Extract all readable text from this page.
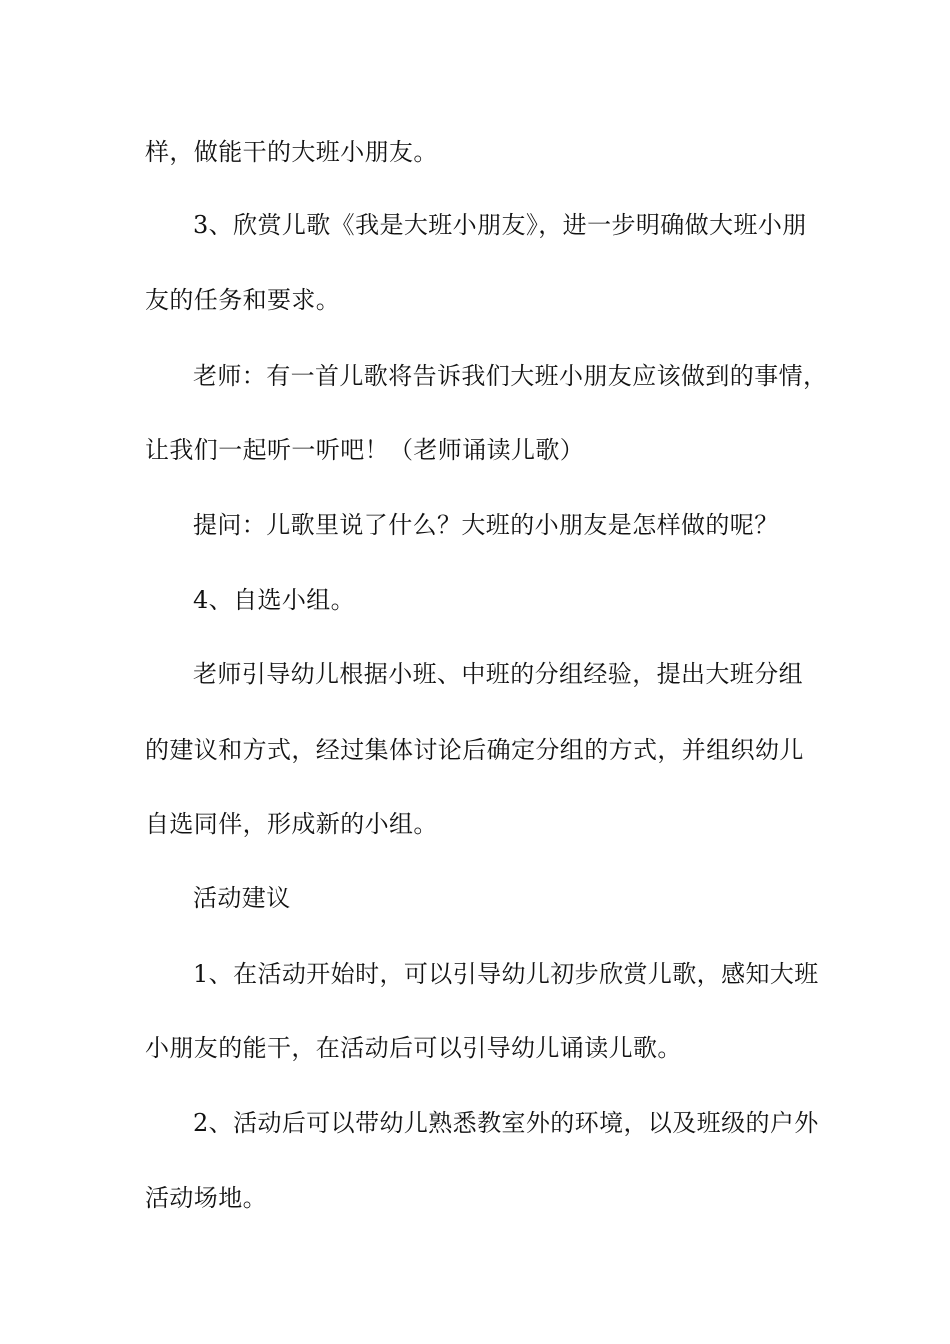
样，做能干的大班小朋友。
3、欣赏儿歌《我是大班小朋友》，进一步明确做大班小朋
友的任务和要求。
老师：有一首儿歌将告诉我们大班小朋友应该做到的事情，
让我们一起听一听吧！（老师诵读儿歌）
提问：儿歌里说了什么？大班的小朋友是怎样做的呢？
4、自选小组。
老师引导幼儿根据小班、中班的分组经验，提出大班分组
的建议和方式，经过集体讨论后确定分组的方式，并组织幼儿
自选同伴，形成新的小组。
活动建议
1、在活动开始时，可以引导幼儿初步欣赏儿歌，感知大班
小朋友的能干，在活动后可以引导幼儿诵读儿歌。
2、活动后可以带幼儿熟悉教室外的环境，以及班级的户外
活动场地。
